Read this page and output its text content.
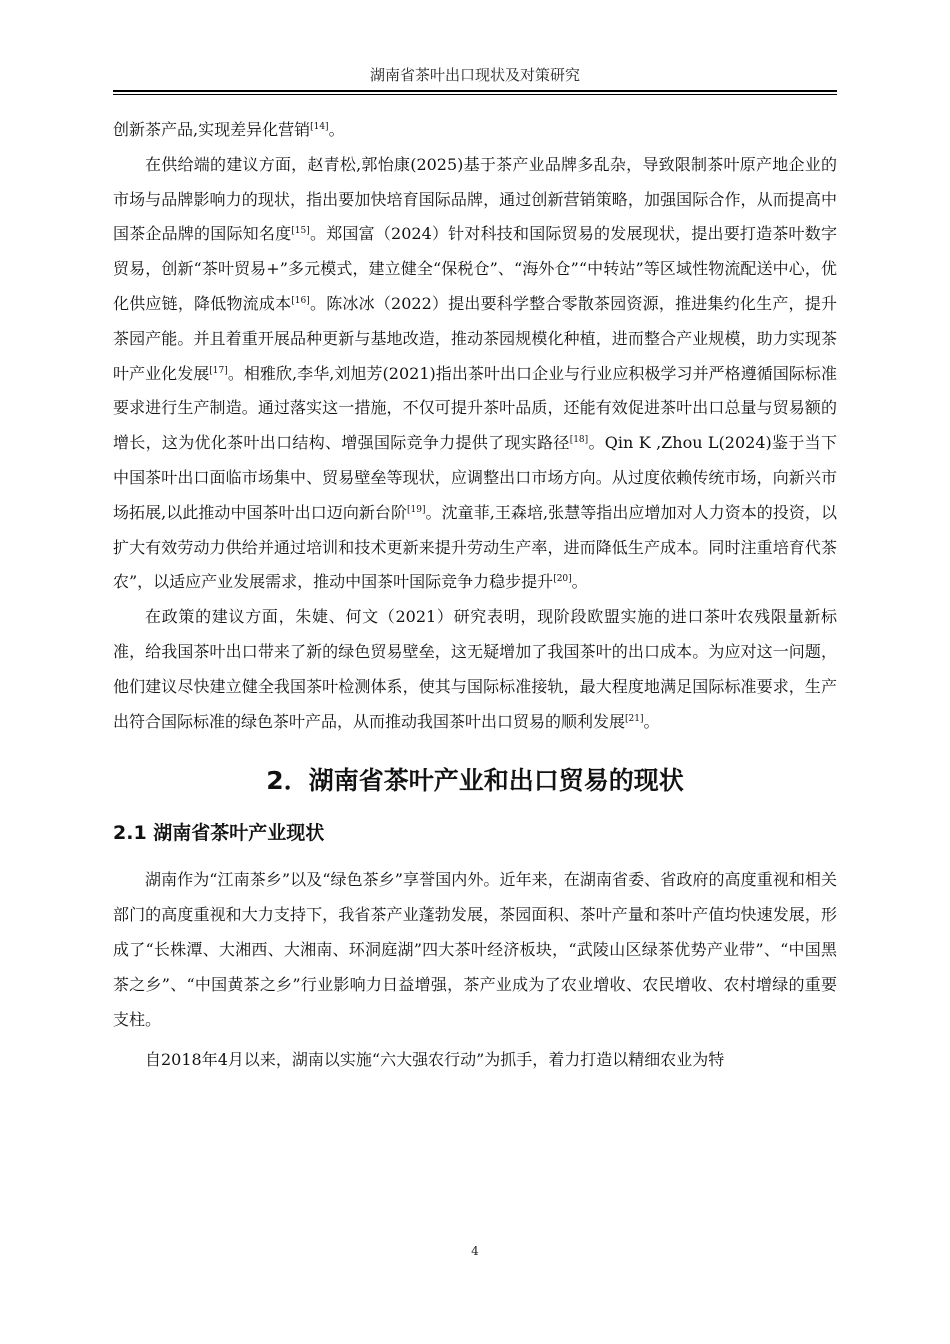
湖南省茶叶出口现状及对策研究

创新茶产品,实现差异化营销[14]。

在供给端的建议方面，赵青松,郭怡康(2025)基于茶产业品牌多乱杂，导致限制茶叶原产地企业的市场与品牌影响力的现状，指出要加快培育国际品牌，通过创新营销策略，加强国际合作，从而提高中国茶企品牌的国际知名度[15]。郑国富（2024）针对科技和国际贸易的发展现状，提出要打造茶叶数字贸易，创新“茶叶贸易+”多元模式，建立健全“保税仓”、“海外仓”“中转站”等区域性物流配送中心，优化供应链，降低物流成本[16]。陈冰冰（2022）提出要科学整合零散茶园资源，推进集约化生产，提升茶园产能。并且着重开展品种更新与基地改造，推动茶园规模化种植，进而整合产业规模，助力实现茶叶产业化发展[17]。相雅欣,李华,刘旭芳(2021)指出茶叶出口企业与行业应积极学习并严格遵循国际标准要求进行生产制造。通过落实这一措施，不仅可提升茶叶品质，还能有效促进茶叶出口总量与贸易额的增长，这为优化茶叶出口结构、增强国际竞争力提供了现实路径[18]。Qin K ,Zhou L(2024)鉴于当下中国茶叶出口面临市场集中、贸易壁垒等现状，应调整出口市场方向。从过度依赖传统市场，向新兴市场拓展,以此推动中国茶叶出口迈向新台阶[19]。沈童菲,王森培,张慧等指出应增加对人力资本的投资，以扩大有效劳动力供给并通过培训和技术更新来提升劳动生产率，进而降低生产成本。同时注重培育代茶农”，以适应产业发展需求，推动中国茶叶国际竞争力稳步提升[20]。

在政策的建议方面，朱婕、何文（2021）研究表明，现阶段欧盟实施的进口茶叶农残限量新标准，给我国茶叶出口带来了新的绿色贸易壁垒，这无疑增加了我国茶叶的出口成本。为应对这一问题，他们建议尽快建立健全我国茶叶检测体系，使其与国际标准接轨，最大程度地满足国际标准要求，生产出符合国际标准的绿色茶叶产品，从而推动我国茶叶出口贸易的顺利发展[21]。

2．湖南省茶叶产业和出口贸易的现状
2.1 湖南省茶叶产业现状

湖南作为“江南茶乡”以及“绿色茶乡”享誉国内外。近年来，在湖南省委、省政府的高度重视和相关部门的高度重视和大力支持下，我省茶产业蓬勃发展，茶园面积、茶叶产量和茶叶产值均快速发展，形成了“长株潭、大湘西、大湘南、环洞庭湖”四大茶叶经济板块，“武陵山区绿茶优势产业带”、“中国黑茶之乡”、“中国黄茶之乡”行业影响力日益增强，茶产业成为了农业增收、农民增收、农村增绿的重要支柱。

自2018年4月以来，湖南以实施“六大强农行动”为抓手，着力打造以精细农业为特

4
